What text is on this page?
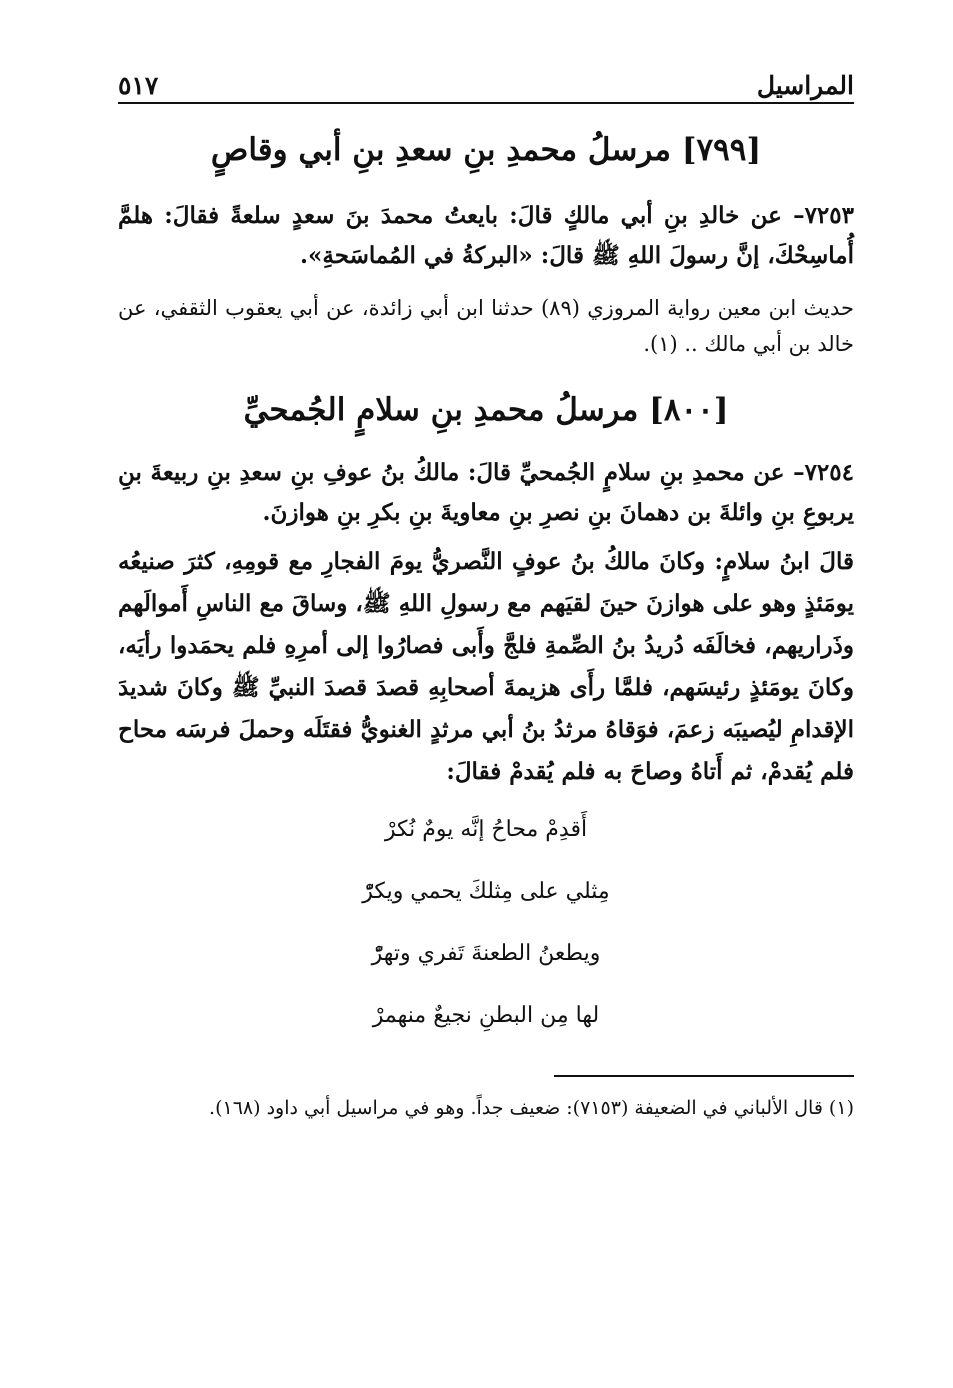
المراسيل
٥١٧
[٧٩٩] مرسلُ محمدِ بنِ سعدِ بنِ أبي وقاصٍ

٧٢٥٣– عن خالدِ بنِ أبي مالكٍ قالَ: بايعتُ محمدَ بنَ سعدٍ سلعةً فقالَ: هلمَّ أُماسِحْكَ، إنَّ رسولَ اللهِ ﷺ قالَ: «البركةُ في المُماسَحةِ».

حديث ابن معين رواية المروزي (٨٩) حدثنا ابن أبي زائدة، عن أبي يعقوب الثقفي، عن خالد بن أبي مالك .. (١).

[٨٠٠] مرسلُ محمدِ بنِ سلامٍ الجُمحيِّ

٧٢٥٤– عن محمدِ بنِ سلامٍ الجُمحيِّ قالَ: مالكُ بنُ عوفِ بنِ سعدِ بنِ ربيعةَ بنِ يربوعِ بنِ وائلةَ بن دهمانَ بنِ نصرِ بنِ معاويةَ بنِ بكرِ بنِ هوازنَ.

قالَ ابنُ سلامٍ: وكانَ مالكُ بنُ عوفٍ النَّصريُّ يومَ الفجارِ مع قومِهِ، كثرَ صنيعُه يومَئذٍ وهو على هوازنَ حينَ لقيَهم مع رسولِ اللهِ ﷺ، وساقَ مع الناسِ أَموالَهم وذَراريهم، فخالَفَه دُريدُ بنُ الصِّمةِ فلجَّ وأَبى فصارُوا إلى أمرِهِ فلم يحمَدوا رأيَه، وكانَ يومَئذٍ رئيسَهم، فلمَّا رأَى هزيمةَ أصحابِهِ قصدَ قصدَ النبيِّ ﷺ وكانَ شديدَ الإقدامِ ليُصيبَه زعمَ، فوَقاهُ مرثدُ بنُ أبي مرثدٍ الغنويُّ فقتَلَه وحملَ فرسَه محاح فلم يُقدمْ، ثم أَتاهُ وصاحَ به فلم يُقدمْ فقالَ:

أَقدِمْ محاحُ إنَّه يومٌ نُكرْ
مِثلي على مِثلكَ يحمي ويكرّْ
ويطعنُ الطعنةَ تَفري وتهرّْ
لها مِن البطنِ نجيعٌ منهمرْ
(١) قال الألباني في الضعيفة (٧١٥٣): ضعيف جداً. وهو في مراسيل أبي داود (١٦٨).
